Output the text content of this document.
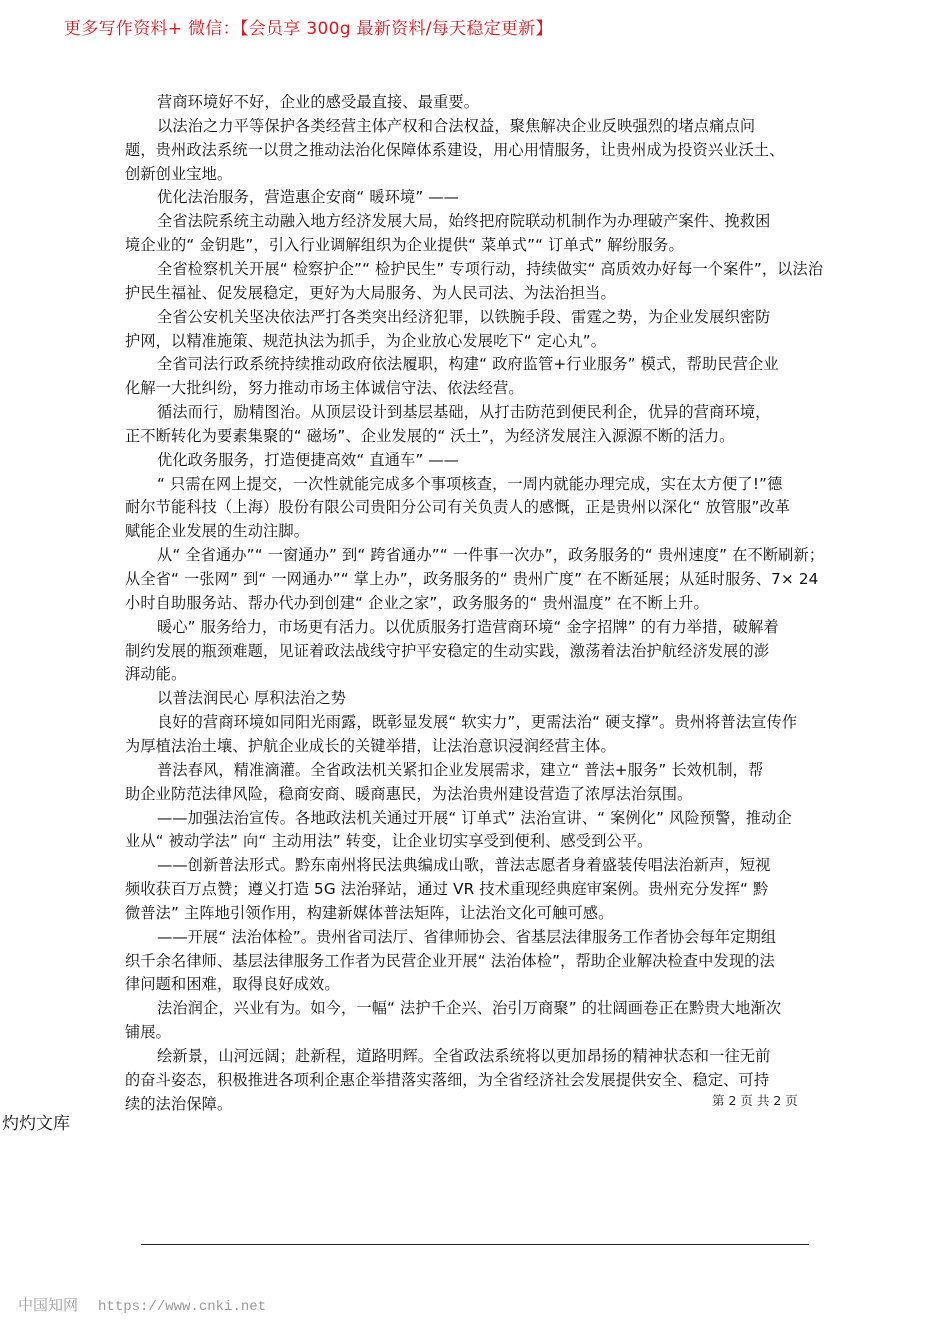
更多写作资料+ 微信：【会员享 300g 最新资料/每天稳定更新】
营商环境好不好，企业的感受最直接、最重要。
以法治之力平等保护各类经营主体产权和合法权益，聚焦解决企业反映强烈的堵点痛点问
题，贵州政法系统一以贯之推动法治化保障体系建设，用心用情服务，让贵州成为投资兴业沃土、
创新创业宝地。
优化法治服务，营造惠企安商“ 暖环境” ——
全省法院系统主动融入地方经济发展大局，始终把府院联动机制作为办理破产案件、挽救困
境企业的“ 金钥匙”，引入行业调解组织为企业提供“ 菜单式”“ 订单式” 解纷服务。
全省检察机关开展“ 检察护企”“ 检护民生” 专项行动，持续做实“ 高质效办好每一个案件”，以法治
护民生福祉、促发展稳定，更好为大局服务、为人民司法、为法治担当。
全省公安机关坚决依法严打各类突出经济犯罪，以铁腕手段、雷霆之势，为企业发展织密防
护网，以精准施策、规范执法为抓手，为企业放心发展吃下“ 定心丸”。
全省司法行政系统持续推动政府依法履职，构建“ 政府监管+行业服务” 模式，帮助民营企业
化解一大批纠纷，努力推动市场主体诚信守法、依法经营。
循法而行，励精图治。从顶层设计到基层基础，从打击防范到便民利企，优异的营商环境，
正不断转化为要素集聚的“ 磁场”、企业发展的“ 沃土”，为经济发展注入源源不断的活力。
优化政务服务，打造便捷高效“ 直通车” ——
“ 只需在网上提交，一次性就能完成多个事项核查，一周内就能办理完成，实在太方便了!”德
耐尔节能科技（上海）股份有限公司贵阳分公司有关负责人的感慨，正是贵州以深化“ 放管服”改革
赋能企业发展的生动注脚。
从“ 全省通办”“ 一窗通办” 到“ 跨省通办”“ 一件事一次办”，政务服务的“ 贵州速度” 在不断刷新；
从全省“ 一张网” 到“ 一网通办”“ 掌上办”，政务服务的“ 贵州广度” 在不断延展；从延时服务、7× 24
小时自助服务站、帮办代办到创建“ 企业之家”，政务服务的“ 贵州温度” 在不断上升。
暖心” 服务给力，市场更有活力。以优质服务打造营商环境“ 金字招牌” 的有力举措，破解着
制约发展的瓶颈难题，见证着政法战线守护平安稳定的生动实践，激荡着法治护航经济发展的澎
湃动能。
以普法润民心 厚积法治之势
良好的营商环境如同阳光雨露，既彰显发展“ 软实力”，更需法治“ 硬支撑”。贵州将普法宣传作
为厚植法治土壤、护航企业成长的关键举措，让法治意识浸润经营主体。
普法春风，精准滴灌。全省政法机关紧扣企业发展需求，建立“ 普法+服务” 长效机制，帮
助企业防范法律风险，稳商安商、暖商惠民，为法治贵州建设营造了浓厚法治氛围。
——加强法治宣传。各地政法机关通过开展“ 订单式” 法治宣讲、“ 案例化” 风险预警，推动企
业从“ 被动学法” 向“ 主动用法” 转变，让企业切实享受到便利、感受到公平。
——创新普法形式。黔东南州将民法典编成山歌，普法志愿者身着盛装传唱法治新声，短视
频收获百万点赞；遵义打造 5G 法治驿站，通过 VR 技术重现经典庭审案例。贵州充分发挥“ 黔
微普法” 主阵地引领作用，构建新媒体普法矩阵，让法治文化可触可感。
——开展“ 法治体检”。贵州省司法厅、省律师协会、省基层法律服务工作者协会每年定期组
织千余名律师、基层法律服务工作者为民营企业开展“ 法治体检”，帮助企业解决检查中发现的法
律问题和困难，取得良好成效。
法治润企，兴业有为。如今，一幅“ 法护千企兴、治引万商聚” 的壮阔画卷正在黔贵大地渐次
铺展。
绘新景，山河远阔；赴新程，道路明辉。全省政法系统将以更加昂扬的精神状态和一往无前
的奋斗姿态，积极推进各项利企惠企举措落实落细，为全省经济社会发展提供安全、稳定、可持
续的法治保障。	第 2 页 共 2 页
灼灼文库
中国知网 https://www.cnki.net
